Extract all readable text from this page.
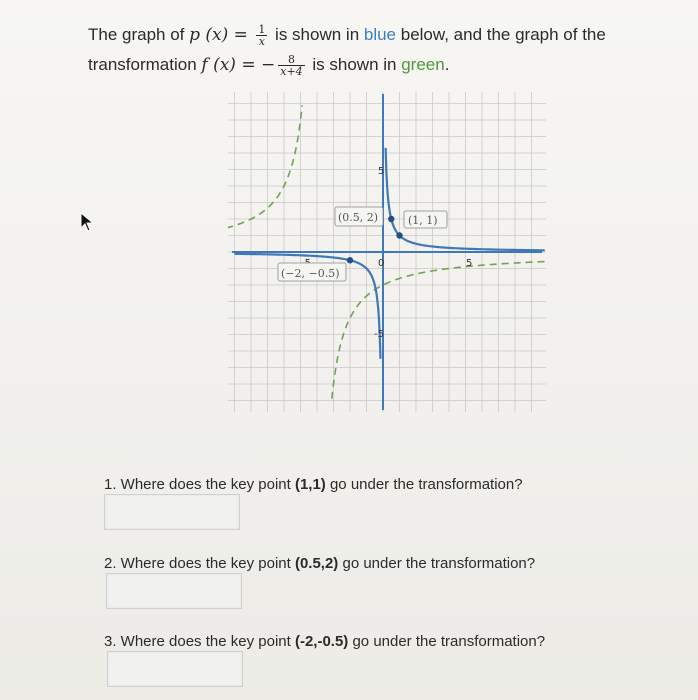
The graph of p $(x) = \frac{1}{x}$ is shown in blue below, and the graph of the
transformation f (x) = − $\frac{8}{x+4}$ is shown in green.
0	5
5
-5
(0.5, 2)	(1, 1)
(−2, −0.5)
1. Where does the key point (1,1) go under the transformation?
2. Where does the key point (0.5,2) go under the transformation?
3. Where does the key point (-2,-0.5) go under the transformation?
